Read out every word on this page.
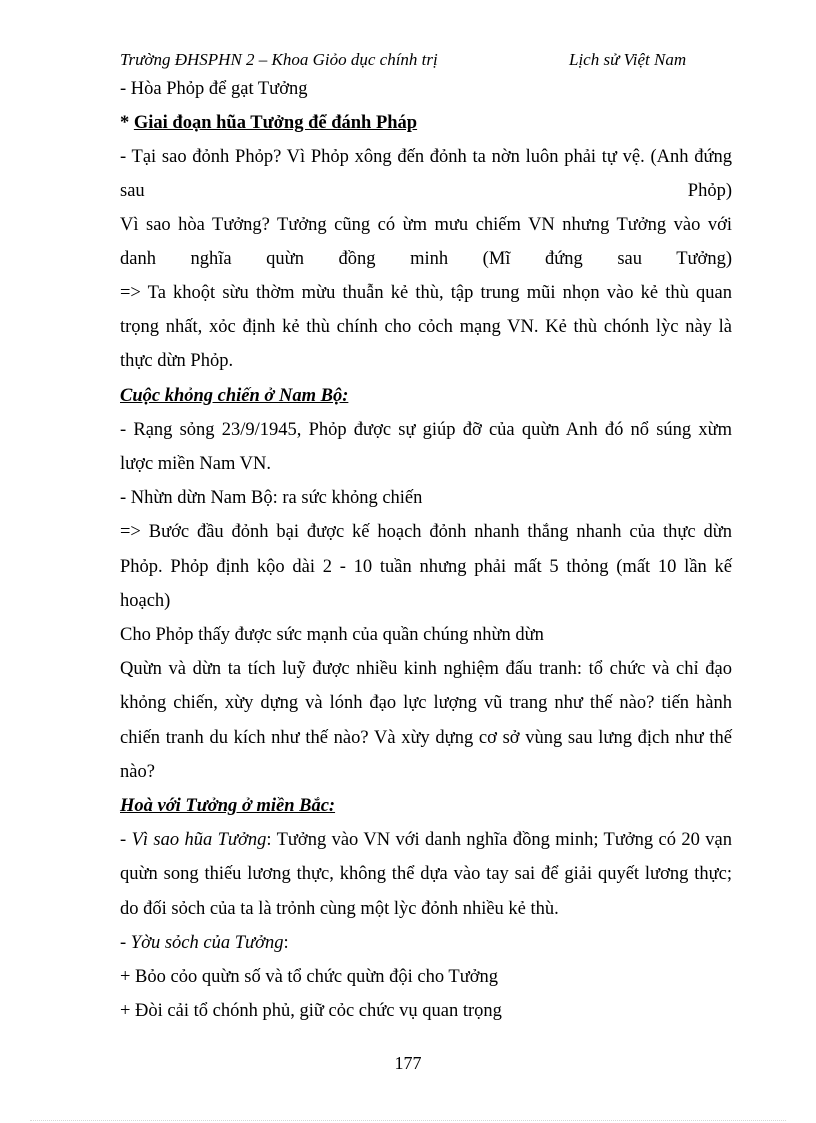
Trường ĐHSPHN 2 – Khoa Giỏo dục chính trị	Lịch sử Việt Nam
- Hòa Phỏp để gạt Tưởng
* Giai đoạn hũa Tưởng để đánh Pháp
- Tại sao đỏnh Phỏp? Vì Phỏp xông đến đỏnh ta nờn luôn phải tự vệ. (Anh đứng
sau	Phỏp)
Vì sao hòa Tưởng? Tưởng cũng có ừm mưu chiếm VN nhưng Tưởng vào với
danh nghĩa quừn đồng minh (Mĩ đứng sau Tưởng)
=> Ta khoột sừu thờm mừu thuẫn kẻ thù, tập trung mũi nhọn vào kẻ thù quan
trọng nhất, xỏc định kẻ thù chính cho cỏch mạng VN. Kẻ thù chónh lỳc này là
thực dừn Phỏp.
Cuộc khỏng chiến ở Nam Bộ:
- Rạng sỏng 23/9/1945, Phỏp được sự giúp đỡ của quừn Anh đó nổ súng xừm
lược miền Nam VN.
- Nhừn dừn Nam Bộ: ra sức khỏng chiến
=> Bước đầu đỏnh bại được kế hoạch đỏnh nhanh thắng nhanh của thực dừn
Phỏp. Phỏp định kộo dài 2 - 10 tuần nhưng phải mất 5 thỏng (mất 10 lần kế
hoạch)
Cho Phỏp thấy được sức mạnh của quần chúng nhừn dừn
Quừn và dừn ta tích luỹ được nhiều kinh nghiệm đấu tranh: tổ chức và chỉ đạo
khỏng chiến, xừy dựng và lónh đạo lực lượng vũ trang như thế nào? tiến hành
chiến tranh du kích như thế nào? Và xừy dựng cơ sở vùng sau lưng địch như thế
nào?
Hoà với Tưởng ở miền Bắc:
- Vì sao hũa Tưởng: Tưởng vào VN với danh nghĩa đồng minh; Tưởng có 20 vạn
quừn song thiếu lương thực, không thể dựa vào tay sai để giải quyết lương thực;
do đối sỏch của ta là trỏnh cùng một lỳc đỏnh nhiều kẻ thù.
- Yờu sỏch của Tưởng:
+ Bỏo cỏo quừn số và tổ chức quừn đội cho Tưởng
+ Đòi cải tổ chónh phủ, giữ cỏc chức vụ quan trọng
177
